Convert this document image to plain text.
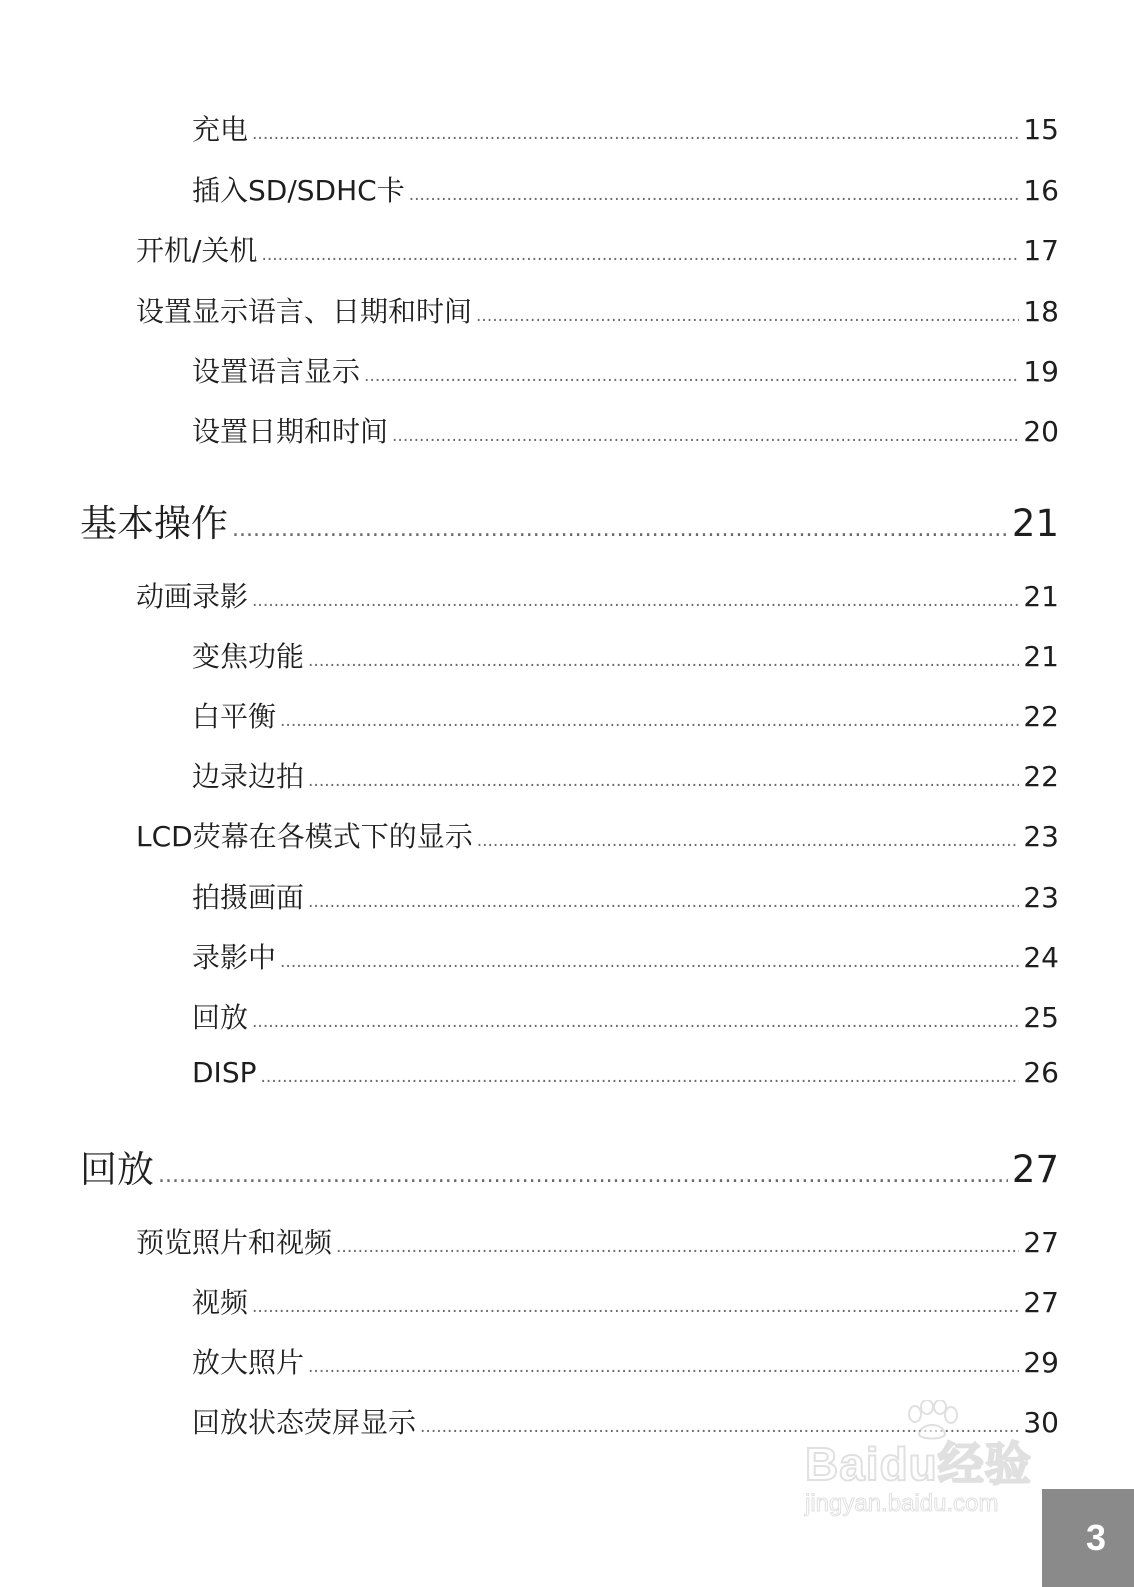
充电 .....	15
插入SD/SDHC卡 .....	16
开机/关机 .....	17
设置显示语言、日期和时间 .....	18
设置语言显示 .....	19
设置日期和时间 .....	20
基本操作 .....	21
动画录影 .....	21
变焦功能 .....	21
白平衡 .....	22
边录边拍 .....	22
LCD荧幕在各模式下的显示 .....	23
拍摄画面 .....	23
录影中 .....	24
回放 .....	25
DISP .....	26
回放 .....	27
预览照片和视频 .....	27
视频 .....	27
放大照片 .....	29
回放状态荧屏显示 .....	30
Baidu经验
jingyan.baidu.com
3
